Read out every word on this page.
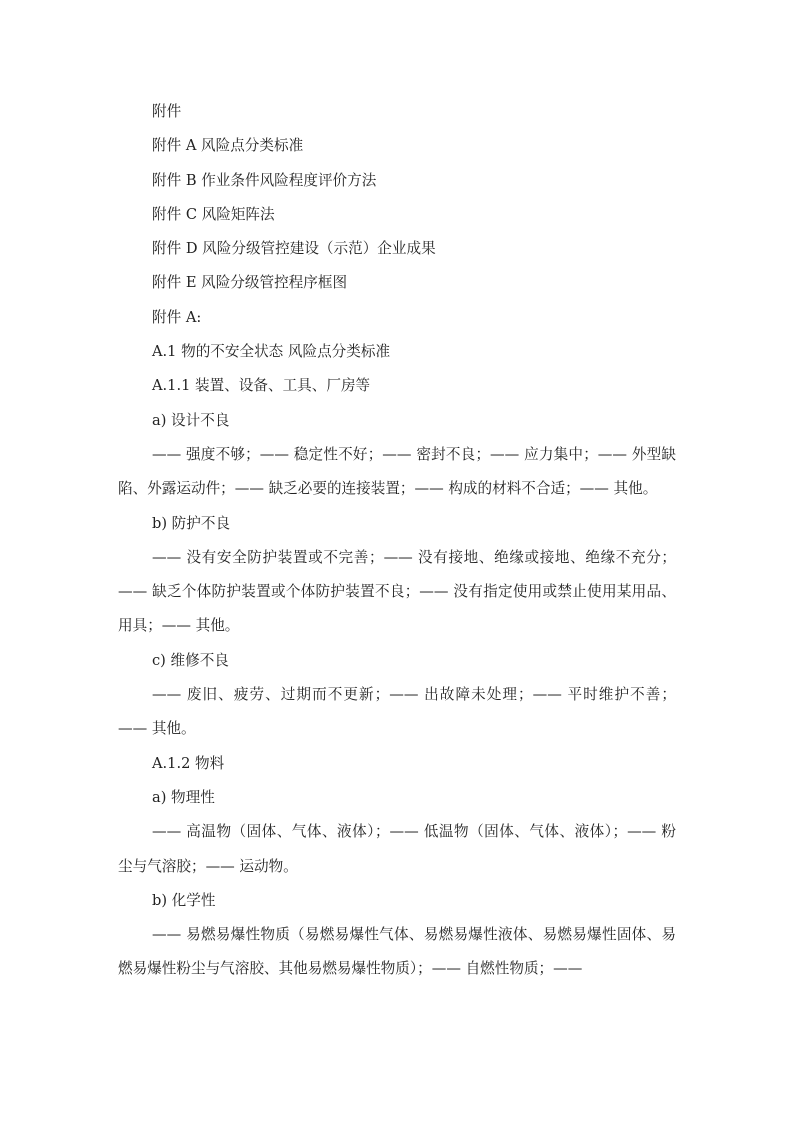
附件

附件 A 风险点分类标准

附件 B 作业条件风险程度评价方法

附件 C 风险矩阵法

附件 D 风险分级管控建设（示范）企业成果

附件 E 风险分级管控程序框图

附件 A:

A.1 物的不安全状态 风险点分类标准

A.1.1 装置、设备、工具、厂房等

a) 设计不良

—— 强度不够；—— 稳定性不好；—— 密封不良；—— 应力集中；—— 外型缺陷、外露运动件；—— 缺乏必要的连接装置；—— 构成的材料不合适；—— 其他。

b) 防护不良

—— 没有安全防护装置或不完善；—— 没有接地、绝缘或接地、绝缘不充分；—— 缺乏个体防护装置或个体防护装置不良；—— 没有指定使用或禁止使用某用品、用具；—— 其他。

c) 维修不良

—— 废旧、疲劳、过期而不更新；—— 出故障未处理；—— 平时维护不善；—— 其他。

A.1.2 物料

a) 物理性

—— 高温物（固体、气体、液体）；—— 低温物（固体、气体、液体）；—— 粉尘与气溶胶；—— 运动物。

b) 化学性

—— 易燃易爆性物质（易燃易爆性气体、易燃易爆性液体、易燃易爆性固体、易燃易爆性粉尘与气溶胶、其他易燃易爆性物质）；—— 自燃性物质；——
